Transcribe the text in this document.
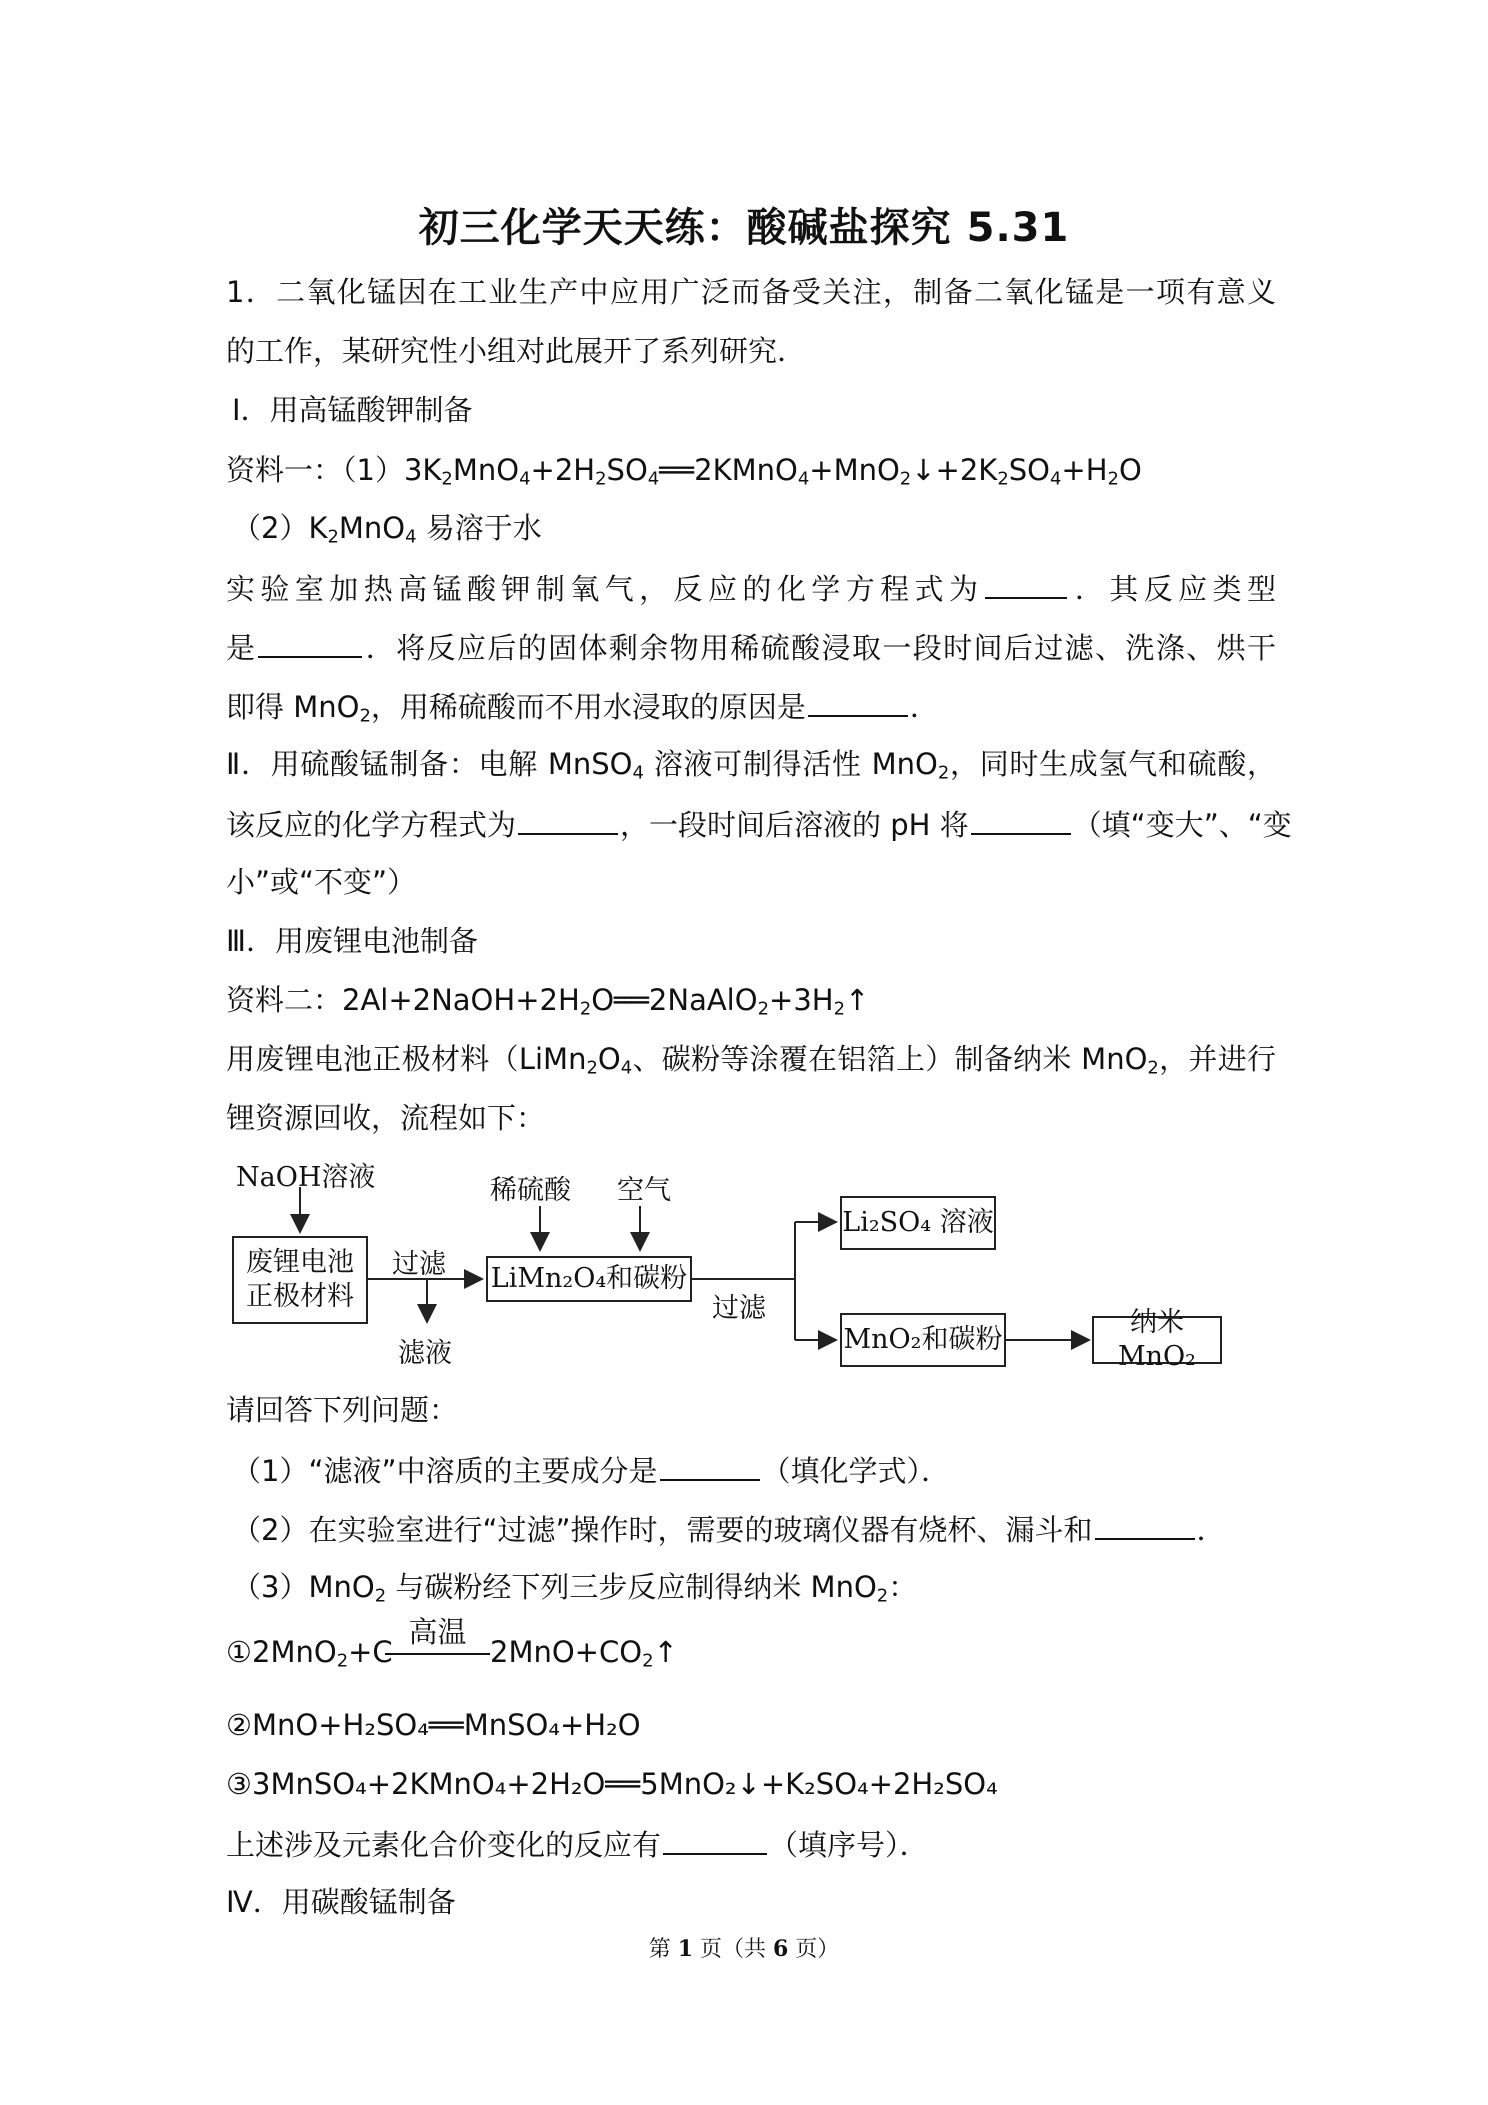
初三化学天天练：酸碱盐探究 5.31
1．二氧化锰因在工业生产中应用广泛而备受关注，制备二氧化锰是一项有意义
的工作，某研究性小组对此展开了系列研究．
Ⅰ．用高锰酸钾制备
资料一：$(1)3K_2MnO_4+2H_2SO_4══2KMnO_4+MnO_2↓+2K_2SO_4+H_2O$
$(2)K_2MnO_4$ 易溶于水
实验室加热高锰酸钾制氧气，反应的化学方程式为	．其反应类型
是	．将反应后的固体剩余物用稀硫酸浸取一段时间后过滤、洗涤、烘干
即得 MnO$_2$，用稀硫酸而不用水浸取的原因是	．
Ⅱ．用硫酸锰制备：电解 MnSO$_4$ 溶液可制得活性 MnO$_2$，同时生成氢气和硫酸，
该反应的化学方程式为	，一段时间后溶液的 pH 将	（填“变大”、“变
小”或“不变”）
Ⅲ．用废锂电池制备
资料二：$2Al+2NaOH+2H_2O══2NaAlO_2+3H_2↑$
用废锂电池正极材料（$LiMn_2O_4$、碳粉等涂覆在铝箔上）制备纳米 MnO$_2$，并进行
锂资源回收，流程如下：
NaOH溶液
废锂电池
正极材料
过滤
滤液
稀硫酸 空气
LiMn₂O₄和碳粉
过滤
Li₂SO₄ 溶液
MnO₂和碳粉
纳米MnO₂
请回答下列问题：
（1）“滤液”中溶质的主要成分是	（填化学式）．
（2）在实验室进行“过滤”操作时，需要的玻璃仪器有烧杯、漏斗和	．
（3）MnO$_2$ 与碳粉经下列三步反应制得纳米 MnO$_2$：
①2MnO$_2$+C
高温
$2MnO+CO_2↑$
②MnO+H₂SO₄══MnSO₄+H₂O
③3MnSO₄+2KMnO₄+2H₂O══5MnO₂↓+K₂SO₄+2H₂SO₄
上述涉及元素化合价变化的反应有	（填序号）．
Ⅳ．用碳酸锰制备
第 1 页（共 6 页）
